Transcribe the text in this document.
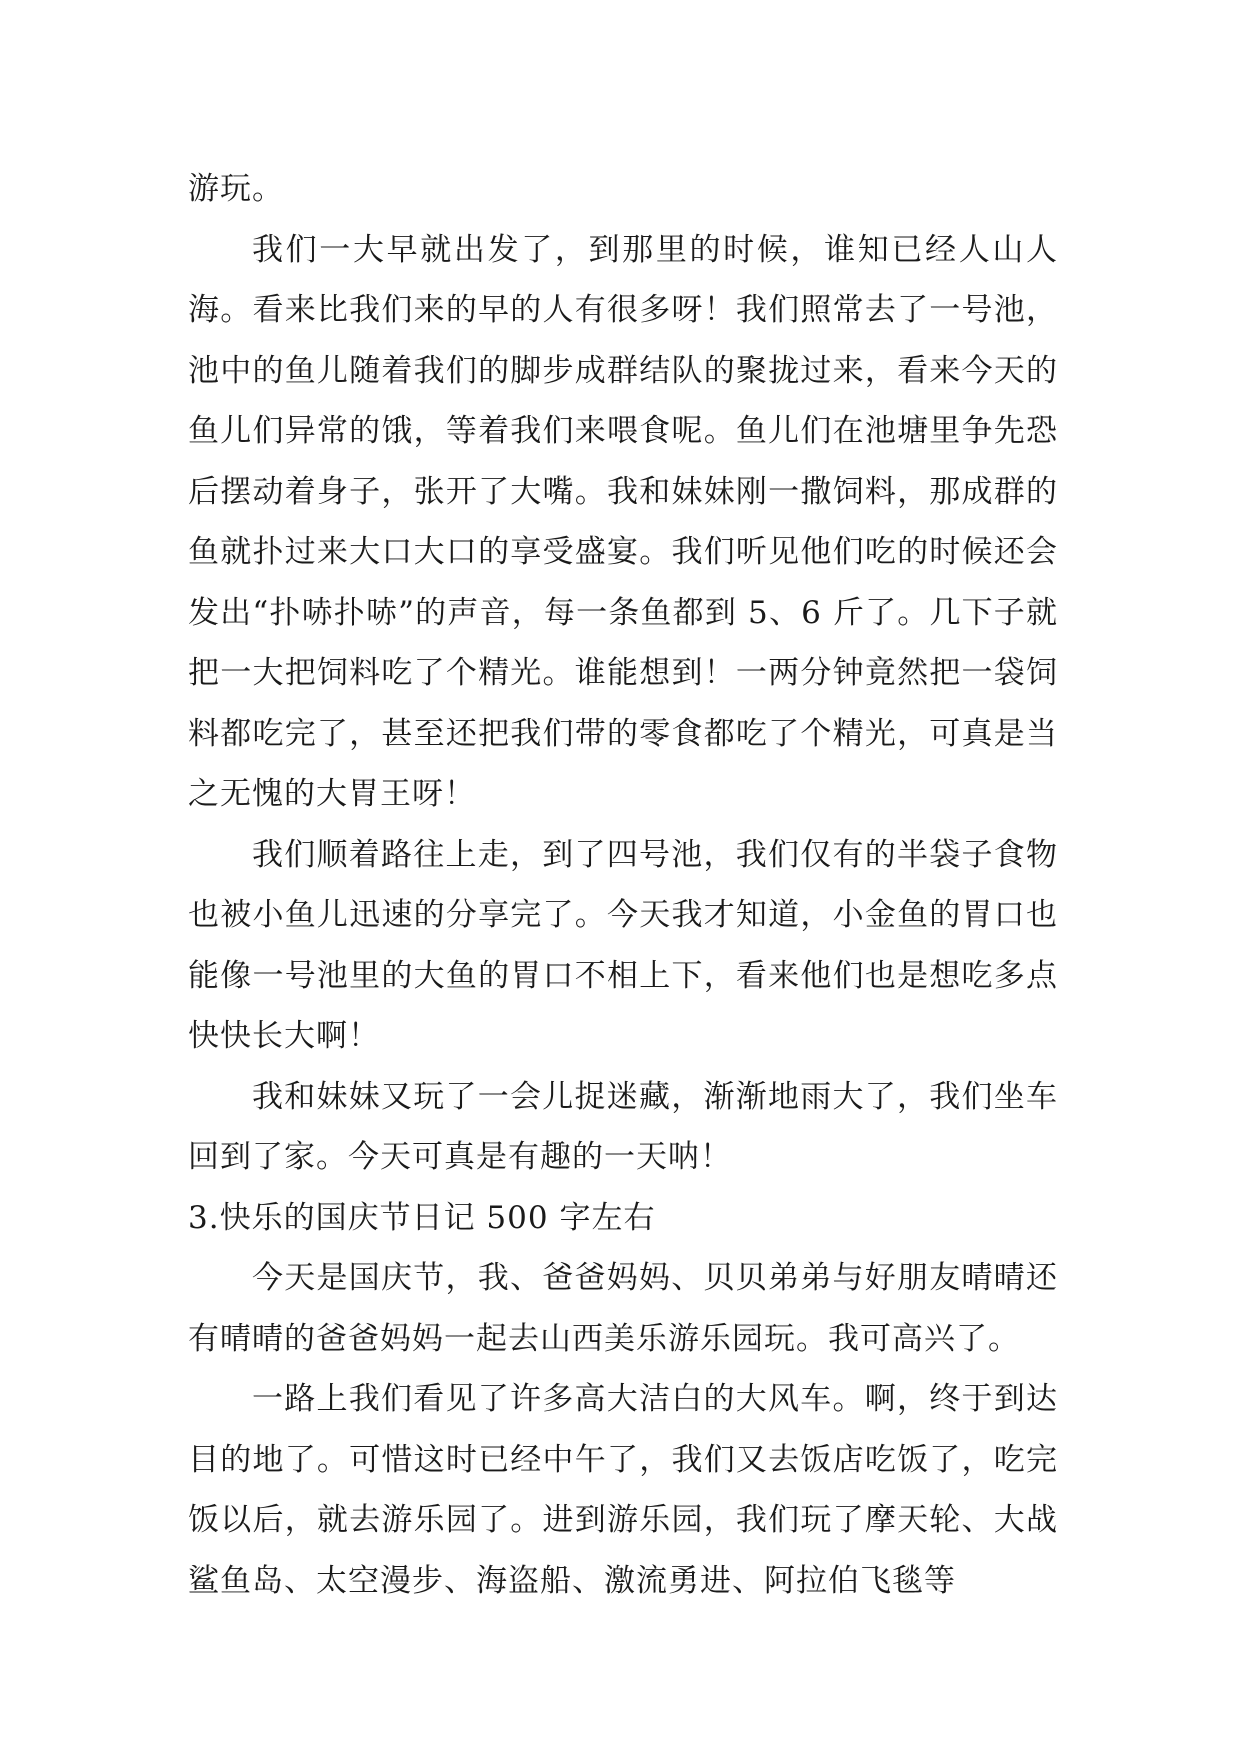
游玩。

我们一大早就出发了，到那里的时候，谁知已经人山人海。看来比我们来的早的人有很多呀！我们照常去了一号池，池中的鱼儿随着我们的脚步成群结队的聚拢过来，看来今天的鱼儿们异常的饿，等着我们来喂食呢。鱼儿们在池塘里争先恐后摆动着身子，张开了大嘴。我和妹妹刚一撒饲料，那成群的鱼就扑过来大口大口的享受盛宴。我们听见他们吃的时候还会发出“扑哧扑哧”的声音，每一条鱼都到 5、6 斤了。几下子就把一大把饲料吃了个精光。谁能想到！一两分钟竟然把一袋饲料都吃完了，甚至还把我们带的零食都吃了个精光，可真是当之无愧的大胃王呀！

我们顺着路往上走，到了四号池，我们仅有的半袋子食物也被小鱼儿迅速的分享完了。今天我才知道，小金鱼的胃口也能像一号池里的大鱼的胃口不相上下，看来他们也是想吃多点快快长大啊！

我和妹妹又玩了一会儿捉迷藏，渐渐地雨大了，我们坐车回到了家。今天可真是有趣的一天呐！

3.快乐的国庆节日记 500 字左右

今天是国庆节，我、爸爸妈妈、贝贝弟弟与好朋友晴晴还有晴晴的爸爸妈妈一起去山西美乐游乐园玩。我可高兴了。

一路上我们看见了许多高大洁白的大风车。啊，终于到达目的地了。可惜这时已经中午了，我们又去饭店吃饭了，吃完饭以后，就去游乐园了。进到游乐园，我们玩了摩天轮、大战鲨鱼岛、太空漫步、海盗船、激流勇进、阿拉伯飞毯等
